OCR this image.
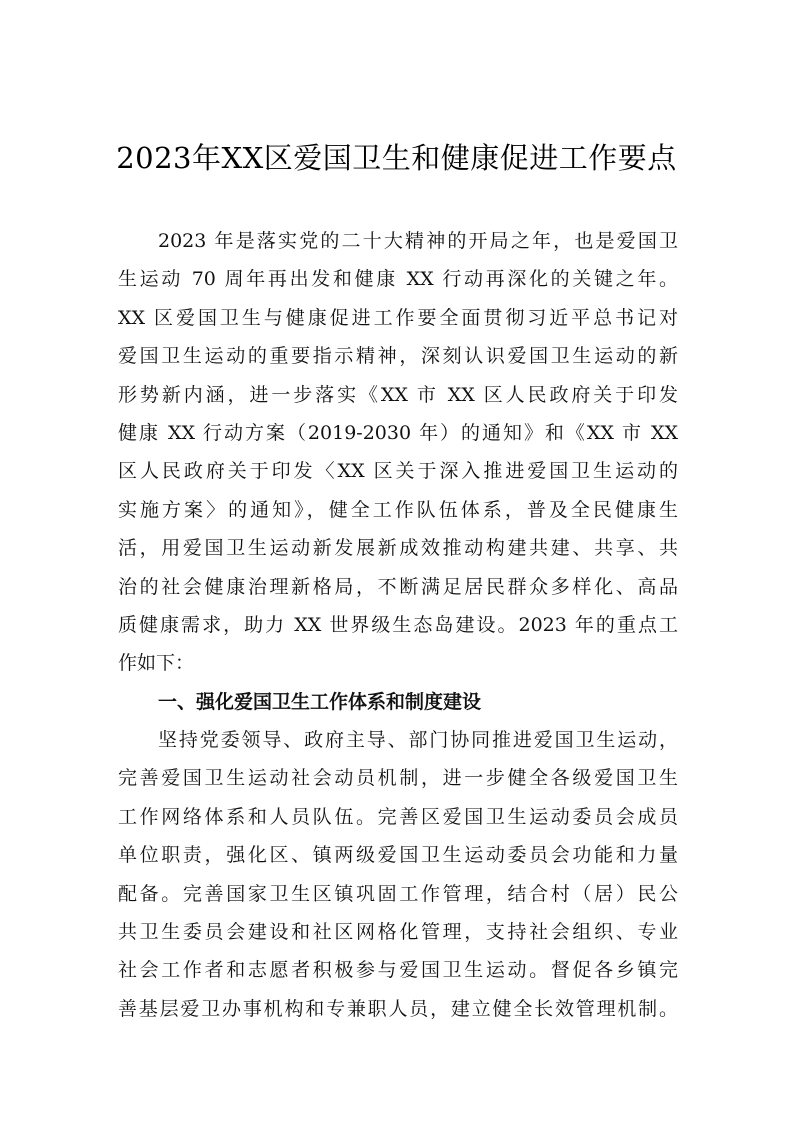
2023年XX区爱国卫生和健康促进工作要点
2023 年是落实党的二十大精神的开局之年，也是爱国卫
生运动 70 周年再出发和健康 XX 行动再深化的关键之年。
XX 区爱国卫生与健康促进工作要全面贯彻习近平总书记对
爱国卫生运动的重要指示精神，深刻认识爱国卫生运动的新
形势新内涵，进一步落实《XX 市 XX 区人民政府关于印发
健康 XX 行动方案（2019-2030 年）的通知》和《XX 市 XX
区人民政府关于印发〈XX 区关于深入推进爱国卫生运动的
实施方案〉的通知》，健全工作队伍体系，普及全民健康生
活，用爱国卫生运动新发展新成效推动构建共建、共享、共
治的社会健康治理新格局，不断满足居民群众多样化、高品
质健康需求，助力 XX 世界级生态岛建设。2023 年的重点工
作如下：
一、强化爱国卫生工作体系和制度建设
坚持党委领导、政府主导、部门协同推进爱国卫生运动，
完善爱国卫生运动社会动员机制，进一步健全各级爱国卫生
工作网络体系和人员队伍。完善区爱国卫生运动委员会成员
单位职责，强化区、镇两级爱国卫生运动委员会功能和力量
配备。完善国家卫生区镇巩固工作管理，结合村（居）民公
共卫生委员会建设和社区网格化管理，支持社会组织、专业
社会工作者和志愿者积极参与爱国卫生运动。督促各乡镇完
善基层爱卫办事机构和专兼职人员，建立健全长效管理机制。
